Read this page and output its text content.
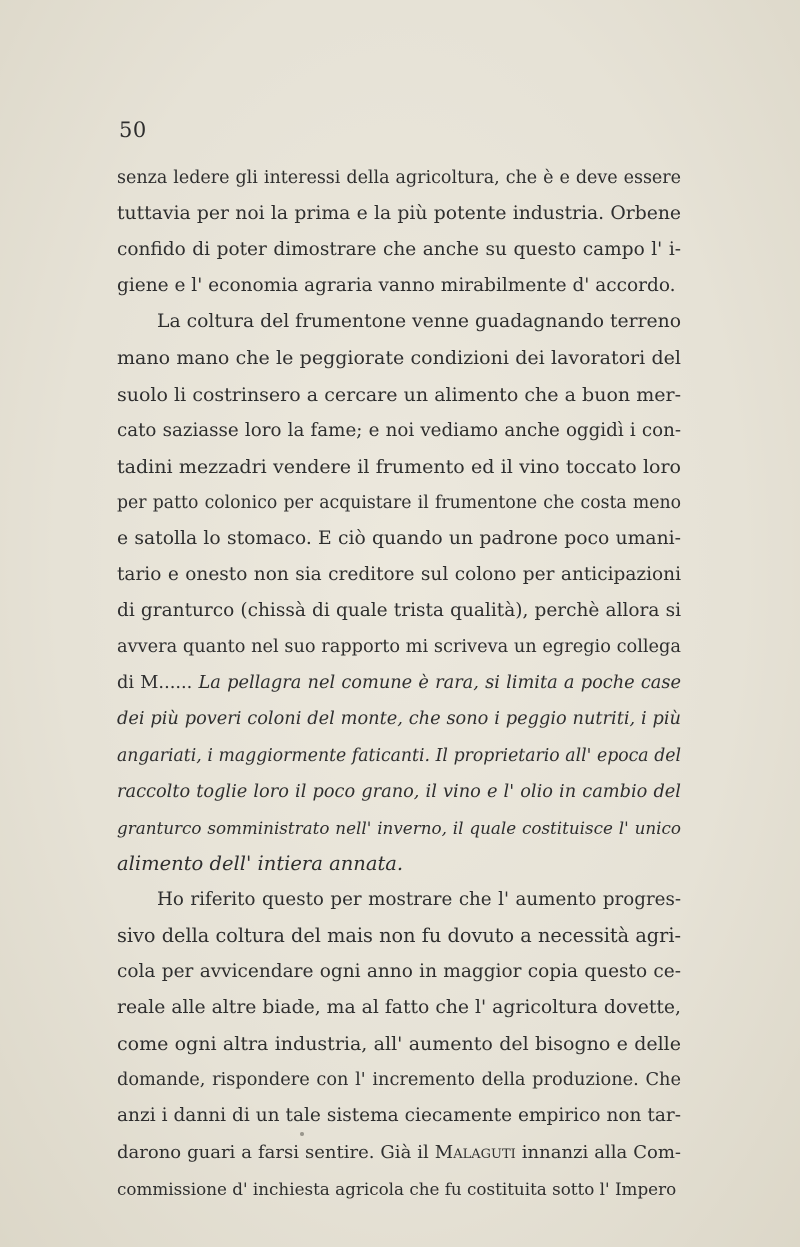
50
senza ledere gli interessi della agricoltura, che è e deve essere
tuttavia per noi la prima e la più potente industria. Orbene
confido di poter dimostrare che anche su questo campo l' i-
giene e l' economia agraria vanno mirabilmente d' accordo.
La coltura del frumentone venne guadagnando terreno
mano mano che le peggiorate condizioni dei lavoratori del
suolo li costrinsero a cercare un alimento che a buon mer-
cato saziasse loro la fame; e noi vediamo anche oggidì i con-
tadini mezzadri vendere il frumento ed il vino toccato loro
per patto colonico per acquistare il frumentone che costa meno
e satolla lo stomaco. E ciò quando un padrone poco umani-
tario e onesto non sia creditore sul colono per anticipazioni
di granturco (chissà di quale trista qualità), perchè allora si
avvera quanto nel suo rapporto mi scriveva un egregio collega
di M...... La pellagra nel comune è rara, si limita a poche case
dei più poveri coloni del monte, che sono i peggio nutriti, i più
angariati, i maggiormente faticanti. Il proprietario all' epoca del
raccolto toglie loro il poco grano, il vino e l' olio in cambio del
granturco somministrato nell' inverno, il quale costituisce l' unico
alimento dell' intiera annata.
Ho riferito questo per mostrare che l' aumento progres-
sivo della coltura del mais non fu dovuto a necessità agri-
cola per avvicendare ogni anno in maggior copia questo ce-
reale alle altre biade, ma al fatto che l' agricoltura dovette,
come ogni altra industria, all' aumento del bisogno e delle
domande, rispondere con l' incremento della produzione. Che
anzi i danni di un tale sistema ciecamente empirico non tar-
darono guari a farsi sentire. Già il Malaguti innanzi alla Com-
commissione d' inchiesta agricola che fu costituita sotto l' Impero
